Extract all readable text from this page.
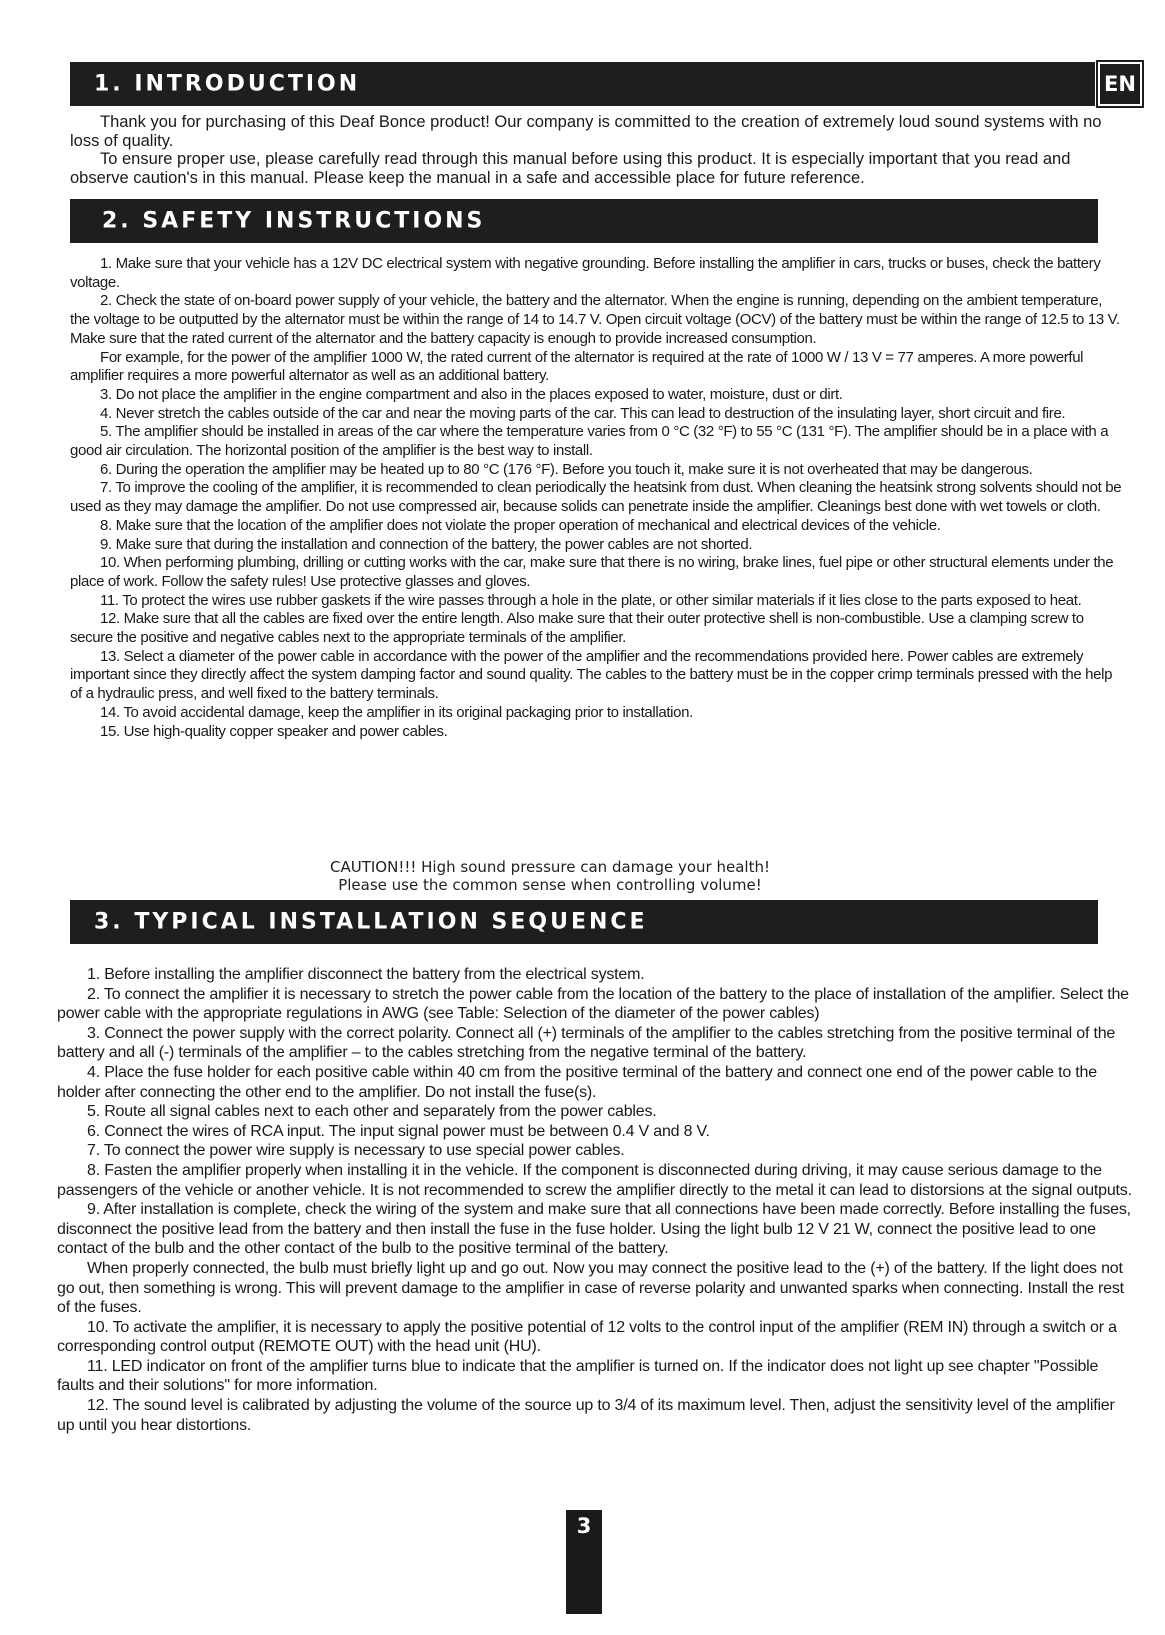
1. INTRODUCTION	EN

Thank you for purchasing of this Deaf Bonce product! Our company is committed to the creation of extremely loud sound systems with no loss of quality.

To ensure proper use, please carefully read through this manual before using this product. It is especially important that you read and observe caution's in this manual. Please keep the manual in a safe and accessible place for future reference.

2. SAFETY INSTRUCTIONS

1. Make sure that your vehicle has a 12V DC electrical system with negative grounding. Before installing the amplifier in cars, trucks or buses, check the battery voltage.

2. Check the state of on-board power supply of your vehicle, the battery and the alternator. When the engine is running, depending on the ambient temperature, the voltage to be outputted by the alternator must be within the range of 14 to 14.7 V. Open circuit voltage (OCV) of the battery must be within the range of 12.5 to 13 V. Make sure that the rated current of the alternator and the battery capacity is enough to provide increased consumption.

For example, for the power of the amplifier 1000 W, the rated current of the alternator is required at the rate of 1000 W / 13 V = 77 amperes. A more powerful amplifier requires a more powerful alternator as well as an additional battery.

3. Do not place the amplifier in the engine compartment and also in the places exposed to water, moisture, dust or dirt.

4. Never stretch the cables outside of the car and near the moving parts of the car. This can lead to destruction of the insulating layer, short circuit and fire.

5. The amplifier should be installed in areas of the car where the temperature varies from 0 °C (32 °F) to 55 °C (131 °F). The amplifier should be in a place with a good air circulation. The horizontal position of the amplifier is the best way to install.

6. During the operation the amplifier may be heated up to 80 °C (176 °F). Before you touch it, make sure it is not overheated that may be dangerous.

7. To improve the cooling of the amplifier, it is recommended to clean periodically the heatsink from dust. When cleaning the heatsink strong solvents should not be used as they may damage the amplifier. Do not use compressed air, because solids can penetrate inside the amplifier. Cleanings best done with wet towels or cloth.

8. Make sure that the location of the amplifier does not violate the proper operation of mechanical and electrical devices of the vehicle.

9. Make sure that during the installation and connection of the battery, the power cables are not shorted.

10. When performing plumbing, drilling or cutting works with the car, make sure that there is no wiring, brake lines, fuel pipe or other structural elements under the place of work. Follow the safety rules! Use protective glasses and gloves.

11. To protect the wires use rubber gaskets if the wire passes through a hole in the plate, or other similar materials if it lies close to the parts exposed to heat.

12. Make sure that all the cables are fixed over the entire length. Also make sure that their outer protective shell is non-combustible. Use a clamping screw to secure the positive and negative cables next to the appropriate terminals of the amplifier.

13. Select a diameter of the power cable in accordance with the power of the amplifier and the recommendations provided here. Power cables are extremely important since they directly affect the system damping factor and sound quality. The cables to the battery must be in the copper crimp terminals pressed with the help of a hydraulic press, and well fixed to the battery terminals.

14. To avoid accidental damage, keep the amplifier in its original packaging prior to installation.

15. Use high-quality copper speaker and power cables.

CAUTION!!! High sound pressure can damage your health!
Please use the common sense when controlling volume!
3. TYPICAL INSTALLATION SEQUENCE

1. Before installing the amplifier disconnect the battery from the electrical system.

2. To connect the amplifier it is necessary to stretch the power cable from the location of the battery to the place of installation of the amplifier. Select the power cable with the appropriate regulations in AWG (see Table: Selection of the diameter of the power cables)

3. Connect the power supply with the correct polarity. Connect all (+) terminals of the amplifier to the cables stretching from the positive terminal of the battery and all (-) terminals of the amplifier – to the cables stretching from the negative terminal of the battery.

4. Place the fuse holder for each positive cable within 40 cm from the positive terminal of the battery and connect one end of the power cable to the holder after connecting the other end to the amplifier. Do not install the fuse(s).

5. Route all signal cables next to each other and separately from the power cables.

6. Connect the wires of RCA input. The input signal power must be between 0.4 V and 8 V.

7. To connect the power wire supply is necessary to use special power cables.

8. Fasten the amplifier properly when installing it in the vehicle. If the component is disconnected during driving, it may cause serious damage to the passengers of the vehicle or another vehicle. It is not recommended to screw the amplifier directly to the metal it can lead to distorsions at the signal outputs.

9. After installation is complete, check the wiring of the system and make sure that all connections have been made correctly. Before installing the fuses, disconnect the positive lead from the battery and then install the fuse in the fuse holder. Using the light bulb 12 V 21 W, connect the positive lead to one contact of the bulb and the other contact of the bulb to the positive terminal of the battery.

When properly connected, the bulb must briefly light up and go out. Now you may connect the positive lead to the (+) of the battery. If the light does not go out, then something is wrong. This will prevent damage to the amplifier in case of reverse polarity and unwanted sparks when connecting. Install the rest of the fuses.

10. To activate the amplifier, it is necessary to apply the positive potential of 12 volts to the control input of the amplifier (REM IN) through a switch or a corresponding control output (REMOTE OUT) with the head unit (HU).

11. LED indicator on front of the amplifier turns blue to indicate that the amplifier is turned on. If the indicator does not light up see chapter "Possible faults and their solutions" for more information.

12. The sound level is calibrated by adjusting the volume of the source up to 3/4 of its maximum level. Then, adjust the sensitivity level of the amplifier up until you hear distortions.

3
